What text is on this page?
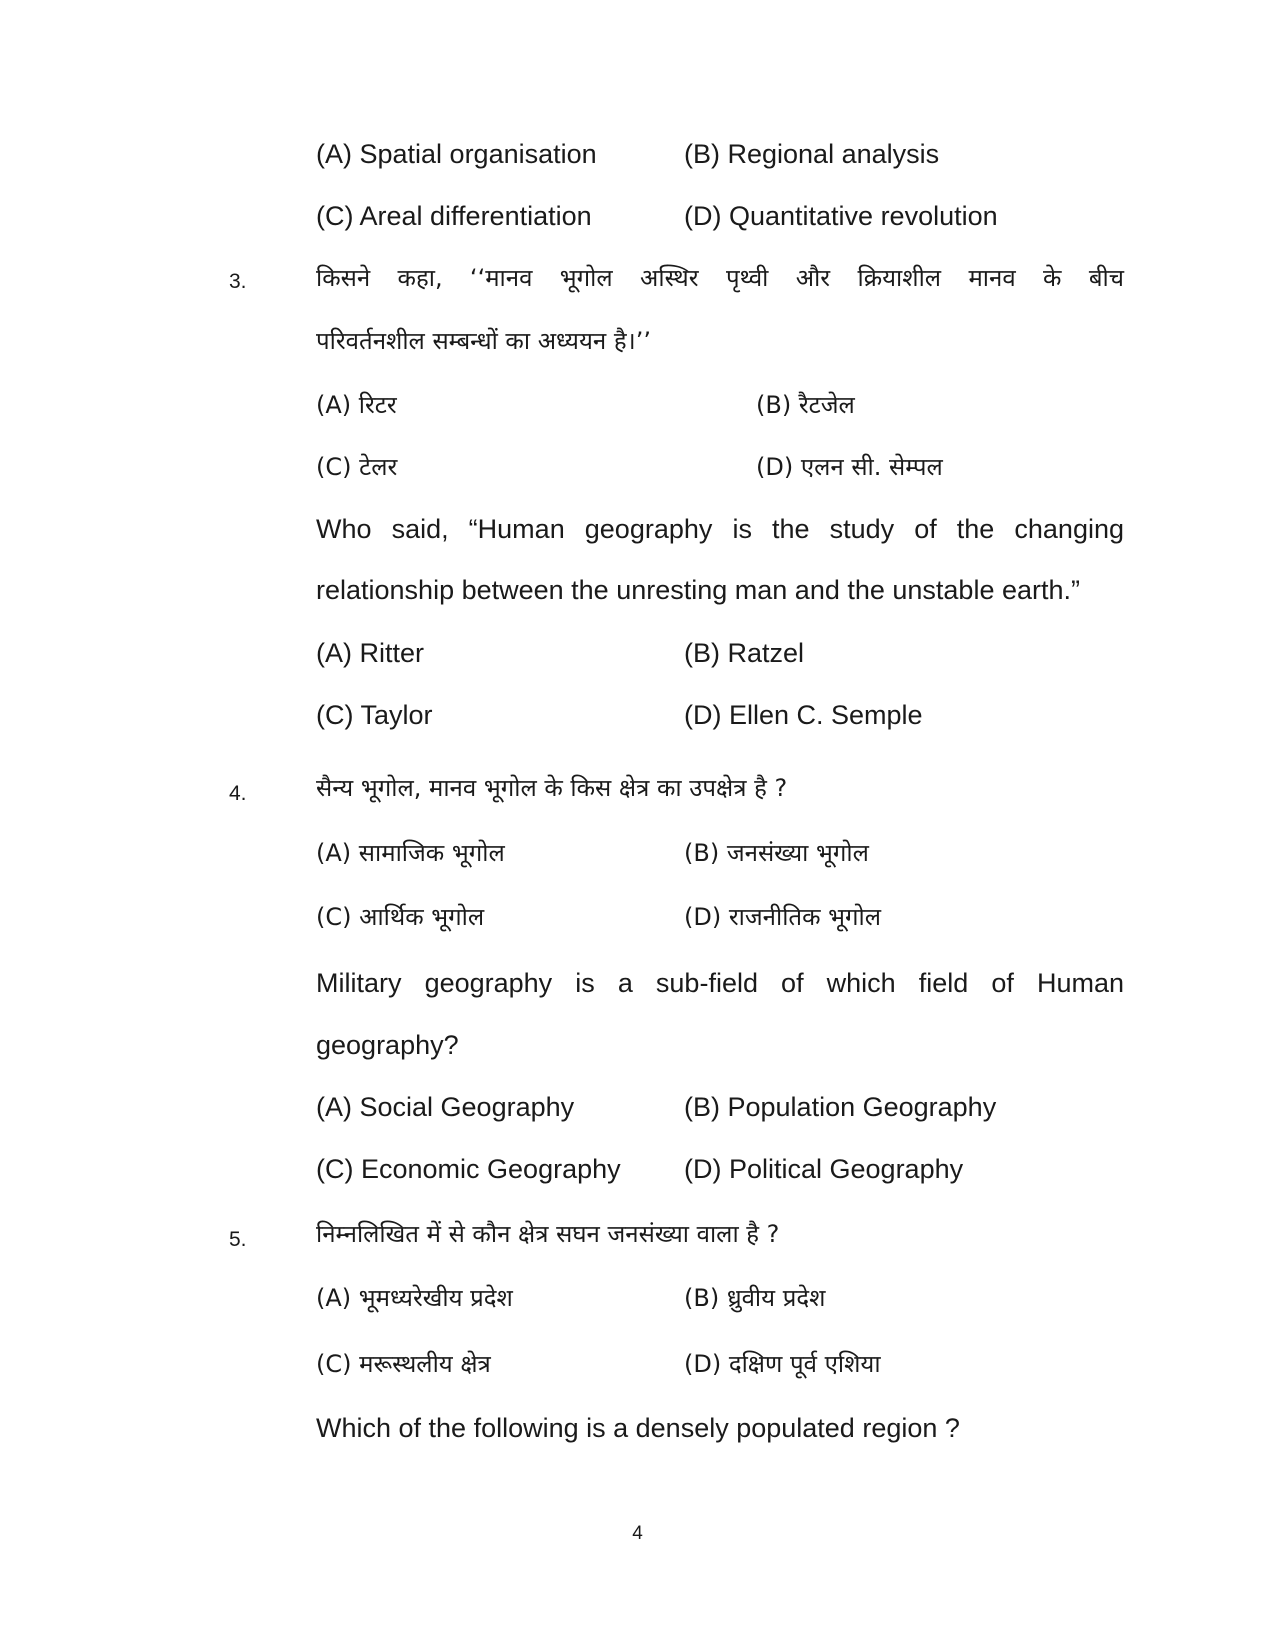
(A) Spatial organisation	(B) Regional analysis
(C) Areal differentiation	(D) Quantitative revolution
3.	किसने कहा, ‘‘मानव भूगोल अस्थिर पृथ्वी और क्रियाशील मानव के बीच
परिवर्तनशील सम्बन्धों का अध्ययन है।’’
(A) रिटर	(B) रैटजेल
(C) टेलर	(D) एलन सी. सेम्पल
Who said, “Human geography is the study of the changing
relationship between the unresting man and the unstable earth.”
(A) Ritter	(B) Ratzel
(C) Taylor	(D) Ellen C. Semple
4.	सैन्य भूगोल, मानव भूगोल के किस क्षेत्र का उपक्षेत्र है ?
(A) सामाजिक भूगोल	(B) जनसंख्या भूगोल
(C) आर्थिक भूगोल	(D) राजनीतिक भूगोल
Military geography is a sub-field of which field of Human
geography?
(A) Social Geography	(B) Population Geography
(C) Economic Geography (D) Political Geography
5.	निम्नलिखित में से कौन क्षेत्र सघन जनसंख्या वाला है ?
(A) भूमध्यरेखीय प्रदेश	(B) ध्रुवीय प्रदेश
(C) मरूस्थलीय क्षेत्र	(D) दक्षिण पूर्व एशिया
Which of the following is a densely populated region ?
4
